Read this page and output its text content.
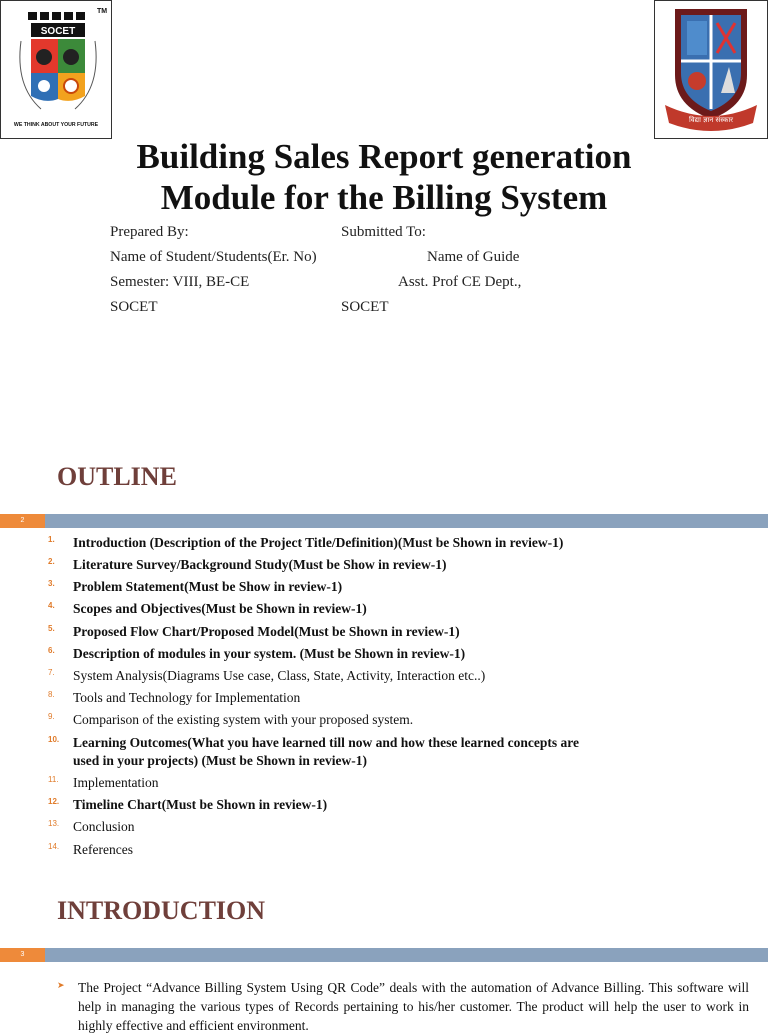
SOCET
TM
WE THINK ABOUT YOUR FUTURE
विद्या ज्ञान संस्कार
Building Sales Report generation
Module for the Billing System
Prepared By:	Submitted To:
Name of Student/Students(Er. No)	Name of Guide
Semester: VIII, BE-CE	Asst. Prof CE Dept.,
SOCET	SOCET
OUTLINE
2
1.	Introduction (Description of the Project Title/Definition)(Must be Shown in review-1)
2.	Literature Survey/Background Study(Must be Show in review-1)
3.	Problem Statement(Must be Show in review-1)
4.	Scopes and Objectives(Must be Shown in review-1)
5.	Proposed Flow Chart/Proposed Model(Must be Shown in review-1)
6.	Description of modules in your system. (Must be Shown in review-1)
7.	System Analysis(Diagrams Use case, Class, State, Activity, Interaction etc..)
8.	Tools and Technology for Implementation
9.	Comparison of the existing system with your proposed system.
10.	Learning Outcomes(What you have learned till now and how these learned concepts are
used in your projects) (Must be Shown in review-1)
11.	Implementation
12.	Timeline Chart(Must be Shown in review-1)
13.	Conclusion
14.	References
INTRODUCTION
3
➤ The Project “Advance Billing System Using QR Code” deals with the automation of Advance Billing. This software will help in managing the various types of Records pertaining to his/her customer. The product will help the user to work in highly effective and efficient environment.
